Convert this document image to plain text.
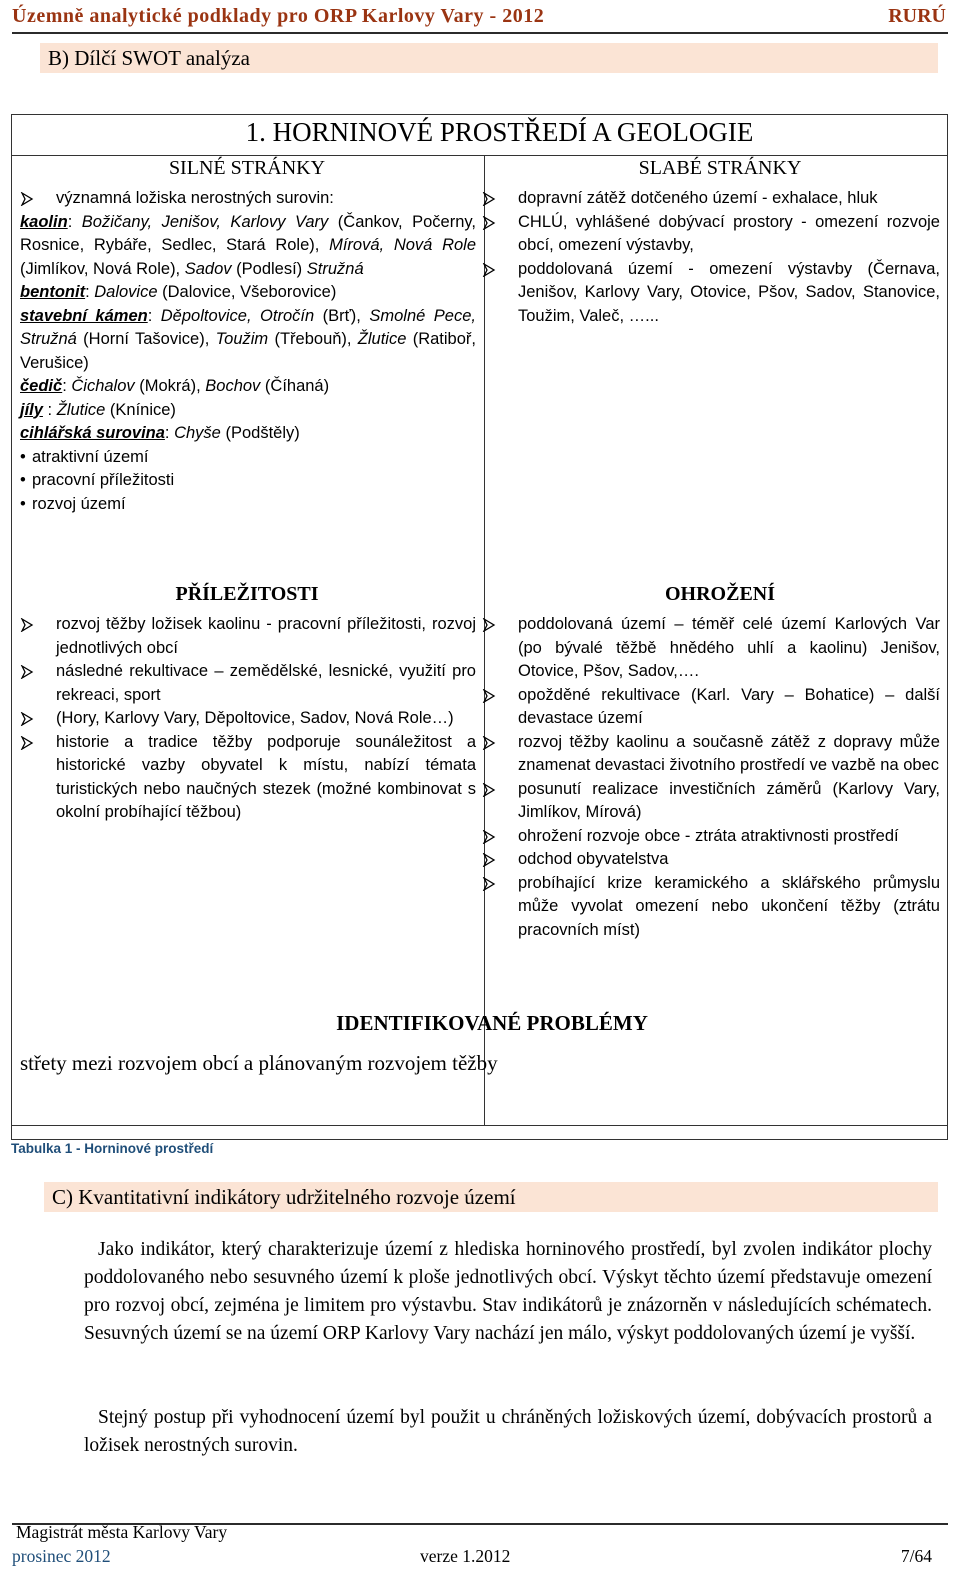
Územně analytické podklady pro ORP Karlovy Vary - 2012	RURÚ
B) Dílčí SWOT analýza
1. HORNINOVÉ PROSTŘEDÍ A GEOLOGIE
SILNÉ STRÁNKY	SLABÉ STRÁNKY
významná ložiska nerostných surovin:
kaolin: Božičany, Jenišov, Karlovy Vary (Čankov, Počerny, Rosnice, Rybáře, Sedlec, Stará Role), Mírová, Nová Role (Jimlíkov, Nová Role), Sadov (Podlesí) Stružná
bentonit: Dalovice (Dalovice, Všeborovice)
stavební kámen: Děpoltovice, Otročín (Brť), Smolné Pece, Stružná (Horní Tašovice), Toužim (Třebouň), Žlutice (Ratiboř, Verušice)
čedič: Čichalov (Mokrá), Bochov (Číhaná)
jíly : Žlutice (Knínice)
cihlářská surovina: Chyše (Podštěly)
• atraktivní území
• pracovní příležitosti
• rozvoj území
dopravní zátěž dotčeného území - exhalace, hluk
CHLÚ, vyhlášené dobývací prostory - omezení rozvoje obcí, omezení výstavby,
poddolovaná území - omezení výstavby (Černava, Jenišov, Karlovy Vary, Otovice, Pšov, Sadov, Stanovice, Toužim, Valeč, …...
PŘÍLEŽITOSTI	OHROŽENÍ
rozvoj těžby ložisek kaolinu - pracovní příležitosti, rozvoj jednotlivých obcí
následné rekultivace – zemědělské, lesnické, využití pro rekreaci, sport
(Hory, Karlovy Vary, Děpoltovice, Sadov, Nová Role…)
historie a tradice těžby podporuje sounáležitost a historické vazby obyvatel k místu, nabízí témata turistických nebo naučných stezek (možné kombinovat s okolní probíhající těžbou)
poddolovaná území – téměř celé území Karlových Var (po bývalé těžbě hnědého uhlí a kaolinu) Jenišov, Otovice, Pšov, Sadov,….
opožděné rekultivace (Karl. Vary – Bohatice) – další devastace území
rozvoj těžby kaolinu a současně zátěž z dopravy může znamenat devastaci životního prostředí ve vazbě na obec
posunutí realizace investičních záměrů (Karlovy Vary, Jimlíkov, Mírová)
ohrožení rozvoje obce - ztráta atraktivnosti prostředí
odchod obyvatelstva
probíhající krize keramického a sklářského průmyslu může vyvolat omezení nebo ukončení těžby (ztrátu pracovních míst)
IDENTIFIKOVANÉ PROBLÉMY
střety mezi rozvojem obcí a plánovaným rozvojem těžby
Tabulka 1 - Horninové prostředí
C) Kvantitativní indikátory udržitelného rozvoje území
Jako indikátor, který charakterizuje území z hlediska horninového prostředí, byl zvolen indikátor plochy poddolovaného nebo sesuvného území k ploše jednotlivých obcí. Výskyt těchto území představuje omezení pro rozvoj obcí, zejména je limitem pro výstavbu. Stav indikátorů je znázorněn v následujících schématech. Sesuvných území se na území ORP Karlovy Vary nachází jen málo, výskyt poddolovaných území je vyšší.
Stejný postup při vyhodnocení území byl použit u chráněných ložiskových území, dobývacích prostorů a ložisek nerostných surovin.
Magistrát města Karlovy Vary
prosinec 2012	verze 1.2012	7/64
